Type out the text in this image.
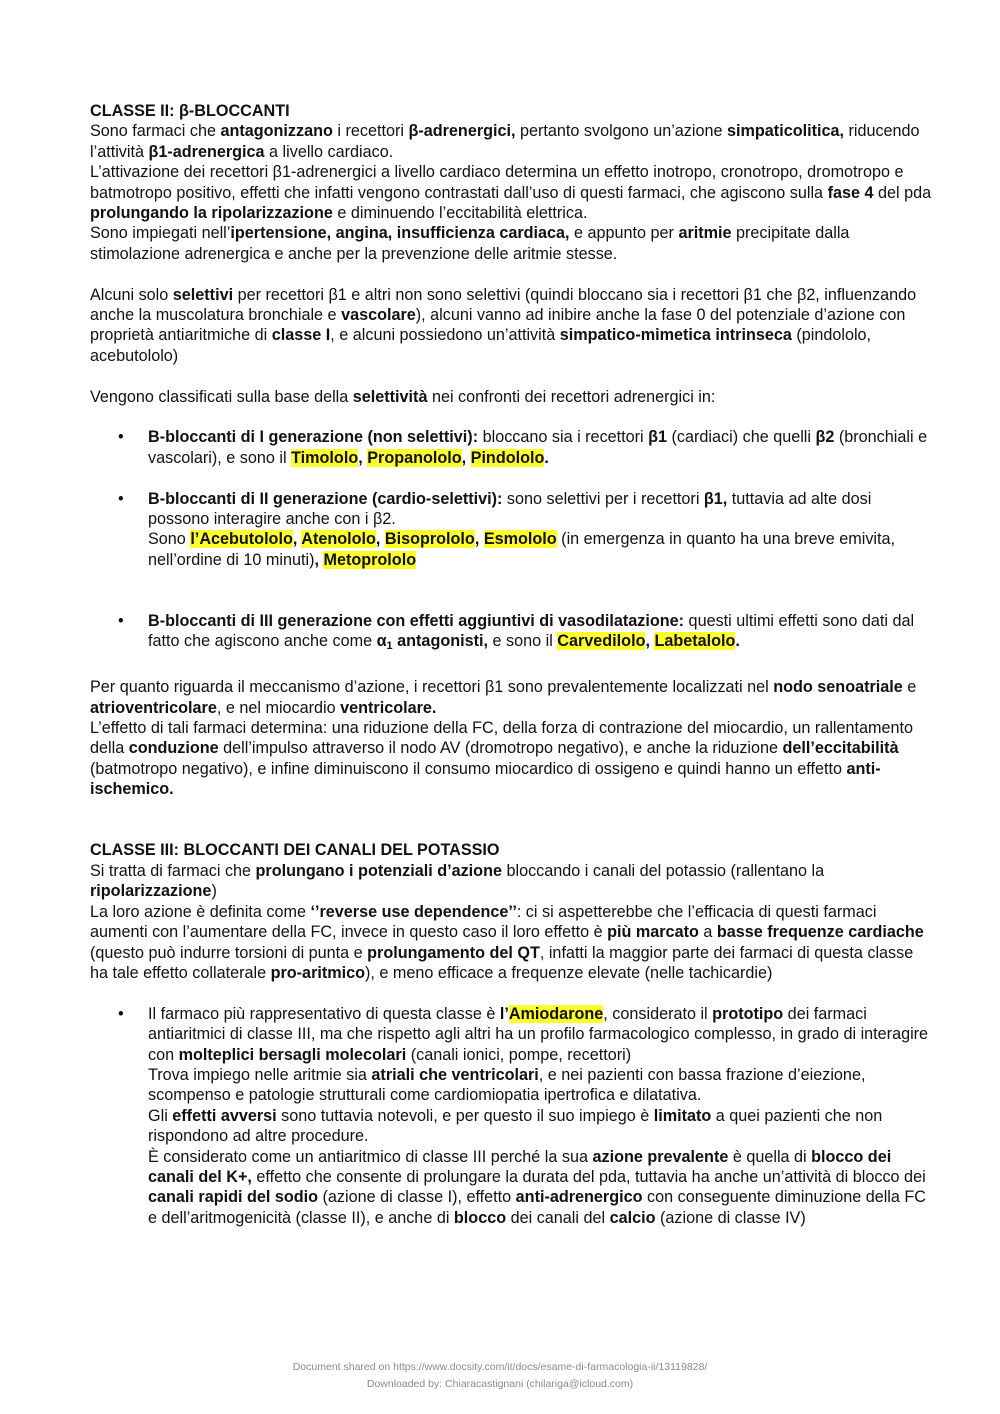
CLASSE II: β-BLOCCANTI

Sono farmaci che antagonizzano i recettori β-adrenergici, pertanto svolgono un’azione simpaticolitica, riducendo l’attività β1-adrenergica a livello cardiaco.

L’attivazione dei recettori β1-adrenergici a livello cardiaco determina un effetto inotropo, cronotropo, dromotropo e batmotropo positivo, effetti che infatti vengono contrastati dall’uso di questi farmaci, che agiscono sulla fase 4 del pda prolungando la ripolarizzazione e diminuendo l’eccitabilità elettrica.

Sono impiegati nell’ipertensione, angina, insufficienza cardiaca, e appunto per aritmie precipitate dalla stimolazione adrenergica e anche per la prevenzione delle aritmie stesse.

Alcuni solo selettivi per recettori β1 e altri non sono selettivi (quindi bloccano sia i recettori β1 che β2, influenzando anche la muscolatura bronchiale e vascolare), alcuni vanno ad inibire anche la fase 0 del potenziale d’azione con proprietà antiaritmiche di classe I, e alcuni possiedono un’attività simpatico-mimetica intrinseca (pindololo, acebutololo)

Vengono classificati sulla base della selettività nei confronti dei recettori adrenergici in:

• B-bloccanti di I generazione (non selettivi): bloccano sia i recettori β1 (cardiaci) che quelli β2 (bronchiali e vascolari), e sono il Timololo, Propanololo, Pindololo.
• B-bloccanti di II generazione (cardio-selettivi): sono selettivi per i recettori β1, tuttavia ad alte dosi possono interagire anche con i β2.
Sono l’Acebutololo, Atenololo, Bisoprololo, Esmololo (in emergenza in quanto ha una breve emivita, nell’ordine di 10 minuti), Metoprololo
• B-bloccanti di III generazione con effetti aggiuntivi di vasodilatazione: questi ultimi effetti sono dati dal fatto che agiscono anche come α1 antagonisti, e sono il Carvedilolo, Labetalolo.

Per quanto riguarda il meccanismo d’azione, i recettori β1 sono prevalentemente localizzati nel nodo senoatriale e atrioventricolare, e nel miocardio ventricolare.

L’effetto di tali farmaci determina: una riduzione della FC, della forza di contrazione del miocardio, un rallentamento della conduzione dell’impulso attraverso il nodo AV (dromotropo negativo), e anche la riduzione dell’eccitabilità (batmotropo negativo), e infine diminuiscono il consumo miocardico di ossigeno e quindi hanno un effetto anti-ischemico.

CLASSE III: BLOCCANTI DEI CANALI DEL POTASSIO

Si tratta di farmaci che prolungano i potenziali d’azione bloccando i canali del potassio (rallentano la ripolarizzazione)

La loro azione è definita come ‘’reverse use dependence’’: ci si aspetterebbe che l’efficacia di questi farmaci aumenti con l’aumentare della FC, invece in questo caso il loro effetto è più marcato a basse frequenze cardiache (questo può indurre torsioni di punta e prolungamento del QT, infatti la maggior parte dei farmaci di questa classe ha tale effetto collaterale pro-aritmico), e meno efficace a frequenze elevate (nelle tachicardie)

• Il farmaco più rappresentativo di questa classe è l’Amiodarone, considerato il prototipo dei farmaci antiaritmici di classe III, ma che rispetto agli altri ha un profilo farmacologico complesso, in grado di interagire con molteplici bersagli molecolari (canali ionici, pompe, recettori)
Trova impiego nelle aritmie sia atriali che ventricolari, e nei pazienti con bassa frazione d’eiezione, scompenso e patologie strutturali come cardiomiopatia ipertrofica e dilatativa.
Gli effetti avversi sono tuttavia notevoli, e per questo il suo impiego è limitato a quei pazienti che non rispondono ad altre procedure.
È considerato come un antiaritmico di classe III perché la sua azione prevalente è quella di blocco dei canali del K+, effetto che consente di prolungare la durata del pda, tuttavia ha anche un’attività di blocco dei canali rapidi del sodio (azione di classe I), effetto anti-adrenergico con conseguente diminuzione della FC e dell’aritmogenicità (classe II), e anche di blocco dei canali del calcio (azione di classe IV)
Document shared on https://www.docsity.com/it/docs/esame-di-farmacologia-ii/13119828/
Downloaded by: Chiaracastignani (chilariga@icloud.com)
